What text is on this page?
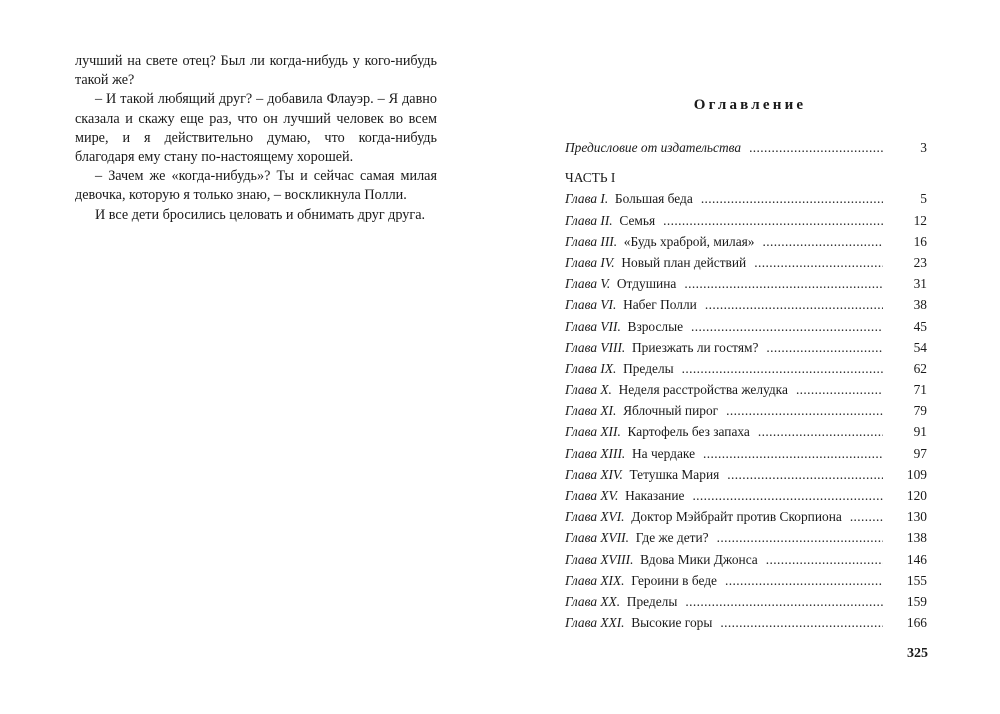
лучший на свете отец? Был ли когда-нибудь у кого-нибудь такой же?

– И такой любящий друг? – добавила Флауэр. – Я давно сказала и скажу еще раз, что он лучший человек во всем мире, и я действительно думаю, что когда-нибудь благодаря ему стану по-настоящему хорошей.

– Зачем же «когда-нибудь»? Ты и сейчас самая милая девочка, которую я только знаю, – воскликнула Полли.

И все дети бросились целовать и обнимать друг друга.

Оглавление
Предисловие от издательства .....	3
ЧАСТЬ I
Глава I. Большая беда .....	5
Глава II. Семья .....	12
Глава III. «Будь храброй, милая» .....	16
Глава IV. Новый план действий .....	23
Глава V. Отдушина .....	31
Глава VI. Набег Полли .....	38
Глава VII. Взрослые .....	45
Глава VIII. Приезжать ли гостям? .....	54
Глава IX. Пределы .....	62
Глава X. Неделя расстройства желудка .....	71
Глава XI. Яблочный пирог .....	79
Глава XII. Картофель без запаха .....	91
Глава XIII. На чердаке .....	97
Глава XIV. Тетушка Мария .....	109
Глава XV. Наказание .....	120
Глава XVI. Доктор Мэйбрайт против Скорпиона .....	130
Глава XVII. Где же дети? .....	138
Глава XVIII. Вдова Мики Джонса .....	146
Глава XIX. Героини в беде .....	155
Глава XX. Пределы .....	159
Глава XXI. Высокие горы .....	166
325
